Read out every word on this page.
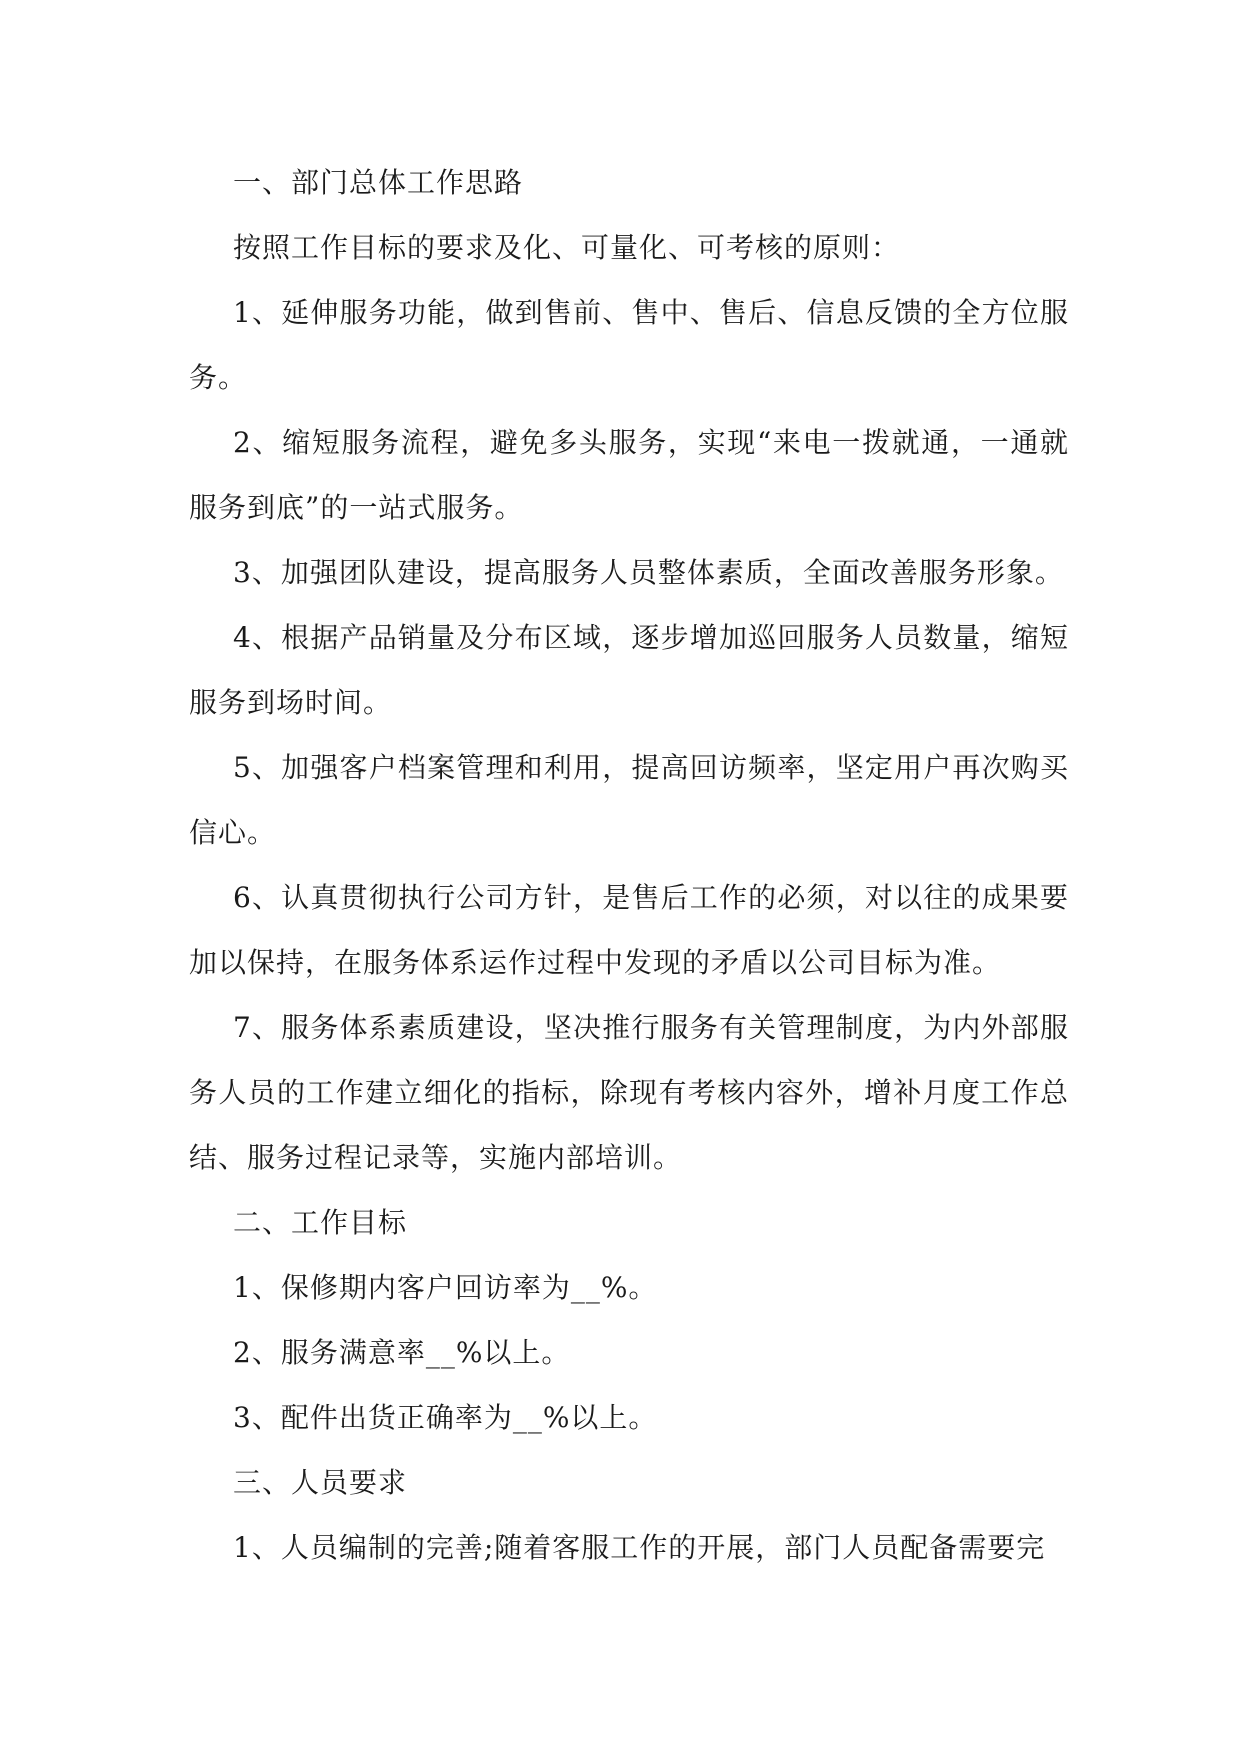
一、部门总体工作思路

按照工作目标的要求及化、可量化、可考核的原则：

1、延伸服务功能，做到售前、售中、售后、信息反馈的全方位服务。

2、缩短服务流程，避免多头服务，实现“来电一拨就通，一通就服务到底”的一站式服务。

3、加强团队建设，提高服务人员整体素质，全面改善服务形象。

4、根据产品销量及分布区域，逐步增加巡回服务人员数量，缩短服务到场时间。

5、加强客户档案管理和利用，提高回访频率，坚定用户再次购买信心。

6、认真贯彻执行公司方针，是售后工作的必须，对以往的成果要加以保持，在服务体系运作过程中发现的矛盾以公司目标为准。

7、服务体系素质建设，坚决推行服务有关管理制度，为内外部服务人员的工作建立细化的指标，除现有考核内容外，增补月度工作总结、服务过程记录等，实施内部培训。

二、工作目标

1、保修期内客户回访率为__%。

2、服务满意率__%以上。

3、配件出货正确率为__%以上。

三、人员要求

1、人员编制的完善;随着客服工作的开展，部门人员配备需要完
